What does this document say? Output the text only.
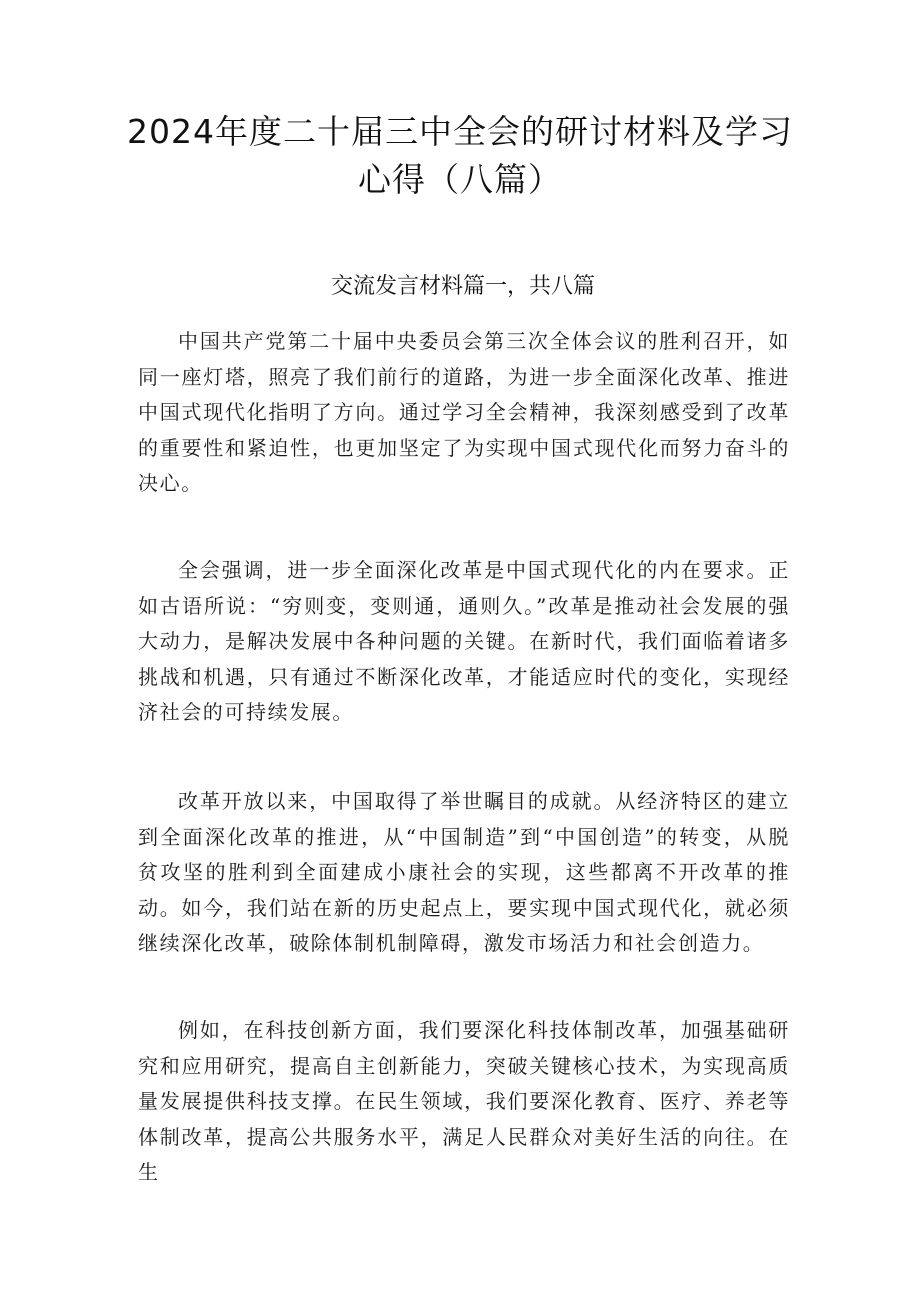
2024年度二十届三中全会的研讨材料及学习心得（八篇）
交流发言材料篇一，共八篇

中国共产党第二十届中央委员会第三次全体会议的胜利召开，如同一座灯塔，照亮了我们前行的道路，为进一步全面深化改革、推进中国式现代化指明了方向。通过学习全会精神，我深刻感受到了改革的重要性和紧迫性，也更加坚定了为实现中国式现代化而努力奋斗的决心。

全会强调，进一步全面深化改革是中国式现代化的内在要求。正如古语所说：“穷则变，变则通，通则久。”改革是推动社会发展的强大动力，是解决发展中各种问题的关键。在新时代，我们面临着诸多挑战和机遇，只有通过不断深化改革，才能适应时代的变化，实现经济社会的可持续发展。

改革开放以来，中国取得了举世瞩目的成就。从经济特区的建立到全面深化改革的推进，从“中国制造”到“中国创造”的转变，从脱贫攻坚的胜利到全面建成小康社会的实现，这些都离不开改革的推动。如今，我们站在新的历史起点上，要实现中国式现代化，就必须继续深化改革，破除体制机制障碍，激发市场活力和社会创造力。

例如，在科技创新方面，我们要深化科技体制改革，加强基础研究和应用研究，提高自主创新能力，突破关键核心技术，为实现高质量发展提供科技支撑。在民生领域，我们要深化教育、医疗、养老等体制改革，提高公共服务水平，满足人民群众对美好生活的向往。在生
